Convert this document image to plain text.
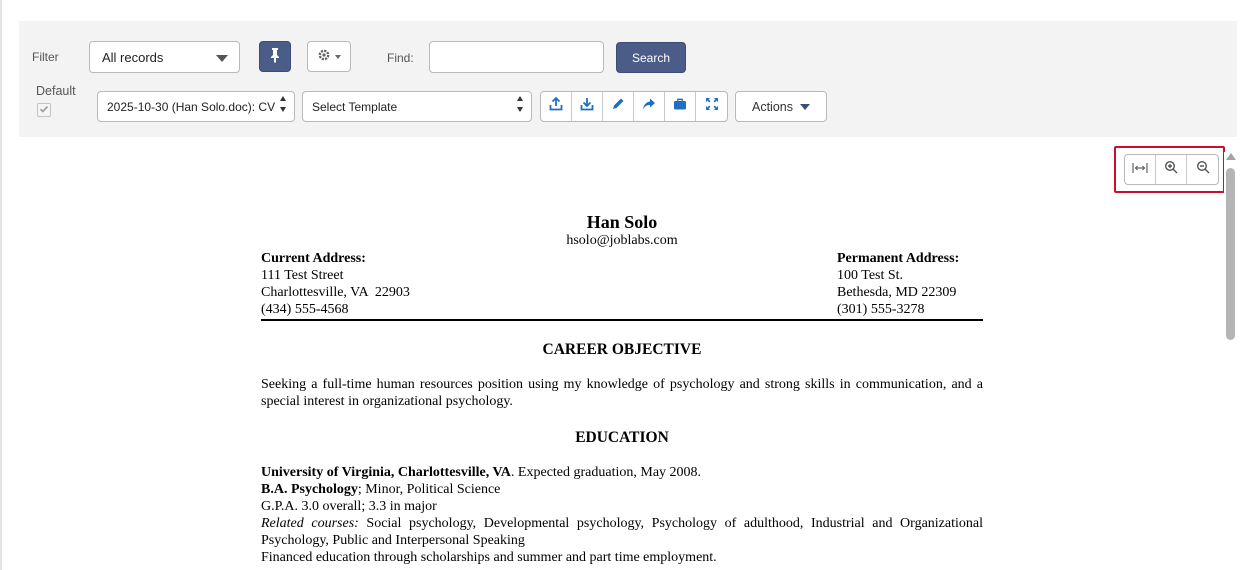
Filter	All records	Find:	Search
Default
2025-10-30 (Han Solo.doc): CV	Select Template	Actions
Han Solo
hsolo@joblabs.com
Current Address:
111 Test Street
Charlottesville, VA  22903
(434) 555-4568
Permanent Address:
100 Test St.
Bethesda, MD 22309
(301) 555-3278
CAREER OBJECTIVE
Seeking a full-time human resources position using my knowledge of psychology and strong skills in communication, and a special interest in organizational psychology.
EDUCATION
University of Virginia, Charlottesville, VA. Expected graduation, May 2008.
B.A. Psychology; Minor, Political Science
G.P.A. 3.0 overall; 3.3 in major
Related courses: Social psychology, Developmental psychology, Psychology of adulthood, Industrial and Organizational Psychology, Public and Interpersonal Speaking
Financed education through scholarships and summer and part time employment.
